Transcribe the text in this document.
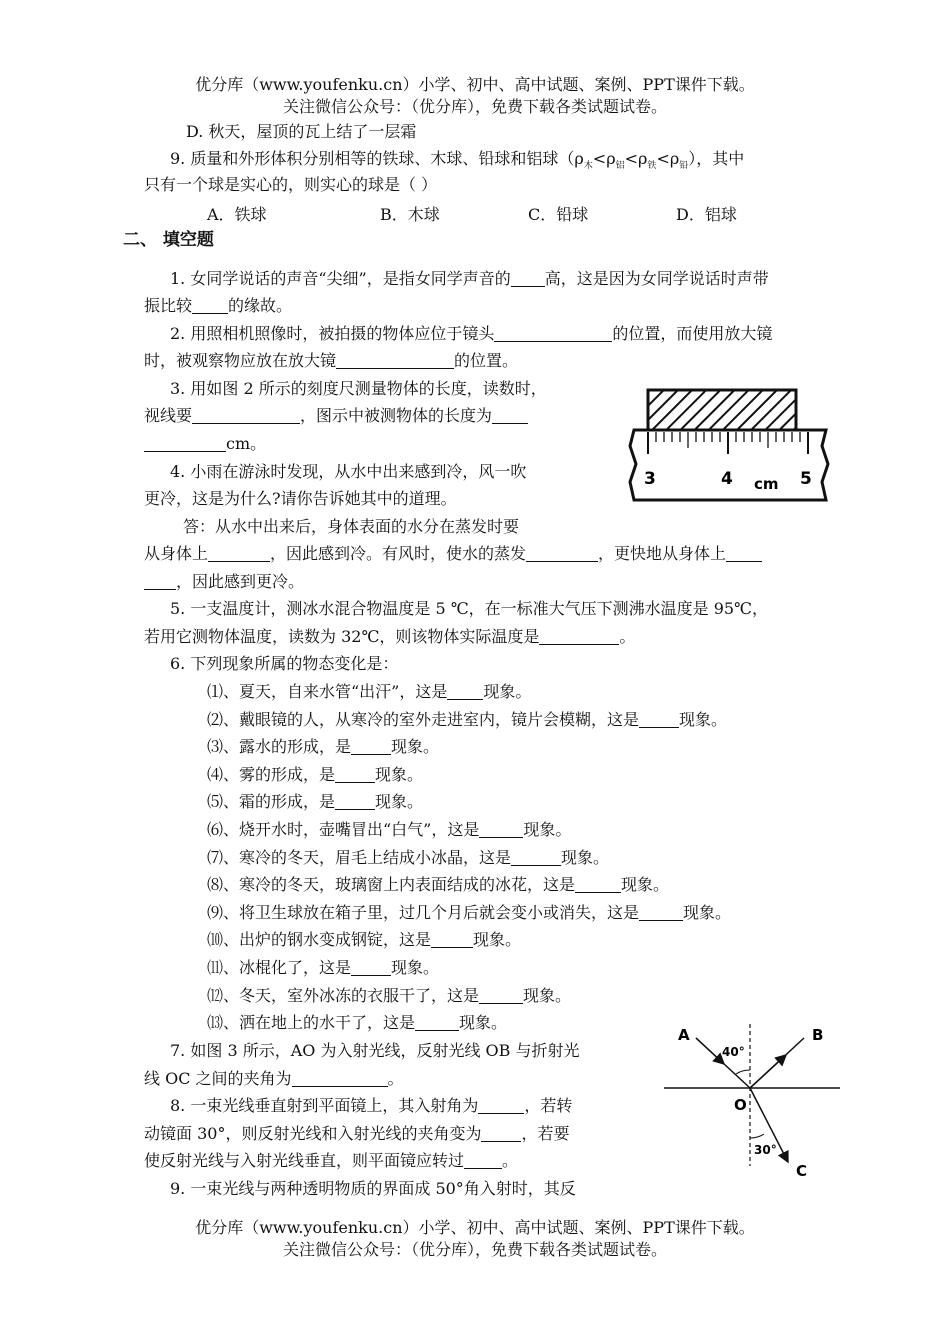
优分库（www.youfenku.cn）小学、初中、高中试题、案例、PPT课件下载。
关注微信公众号：（优分库），免费下载各类试题试卷。
D. 秋天，屋顶的瓦上结了一层霜
9. 质量和外形体积分别相等的铁球、木球、铅球和铝球$(\rho_木<\rho_铝<\rho_铁<\rho_铅)$，其中
只有一个球是实心的，则实心的球是（ ）
A．铁球	B．木球	C．铅球	D．铝球
二、 填空题
1. 女同学说话的声音“尖细”，是指女同学声音的 高，这是因为女同学说话时声带
振比较 的缘故。
2. 用照相机照像时，被拍摄的物体应位于镜头	的位置，而使用放大镜
时，被观察物应放在放大镜	的位置。
3. 用如图 2 所示的刻度尺测量物体的长度，读数时，
视线要	，图示中被测物体的长度为
cm。
3	4	5
cm
4. 小雨在游泳时发现，从水中出来感到冷，风一吹
更冷，这是为什么?请你告诉她其中的道理。
答：从水中出来后，身体表面的水分在蒸发时要
从身体上	，因此感到冷。有风时，使水的蒸发	，更快地从身体上
，因此感到更冷。
5. 一支温度计，测冰水混合物温度是 5 ℃，在一标准大气压下测沸水温度是 95℃，
若用它测物体温度，读数为 32℃，则该物体实际温度是	。
6. 下列现象所属的物态变化是：
⑴、夏天，自来水管“出汗”，这是 现象。
⑵、戴眼镜的人，从寒冷的室外走进室内，镜片会模糊，这是	现象。
⑶、露水的形成，是	现象。
⑷、雾的形成，是	现象。
⑸、霜的形成，是	现象。
⑹、烧开水时，壶嘴冒出“白气”，这是	现象。
⑺、寒冷的冬天，眉毛上结成小冰晶，这是	现象。
⑻、寒冷的冬天，玻璃窗上内表面结成的冰花，这是	现象。
⑼、将卫生球放在箱子里，过几个月后就会变小或消失，这是	现象。
⑽、出炉的钢水变成钢锭，这是	现象。
⑾、冰棍化了，这是	现象。
⑿、冬天，室外冰冻的衣服干了，这是	现象。
⒀、洒在地上的水干了，这是	现象。
7. 如图 3 所示，AO 为入射光线，反射光线 OB 与折射光
线 OC 之间的夹角为	。
8. 一束光线垂直射到平面镜上，其入射角为	，若转
动镜面 30°，则反射光线和入射光线的夹角变为	，若要
使反射光线与入射光线垂直，则平面镜应转过 。
9. 一束光线与两种透明物质的界面成 50°角入射时，其反
A	B
O
C
40°
30°
优分库（www.youfenku.cn）小学、初中、高中试题、案例、PPT课件下载。
关注微信公众号：（优分库），免费下载各类试题试卷。
